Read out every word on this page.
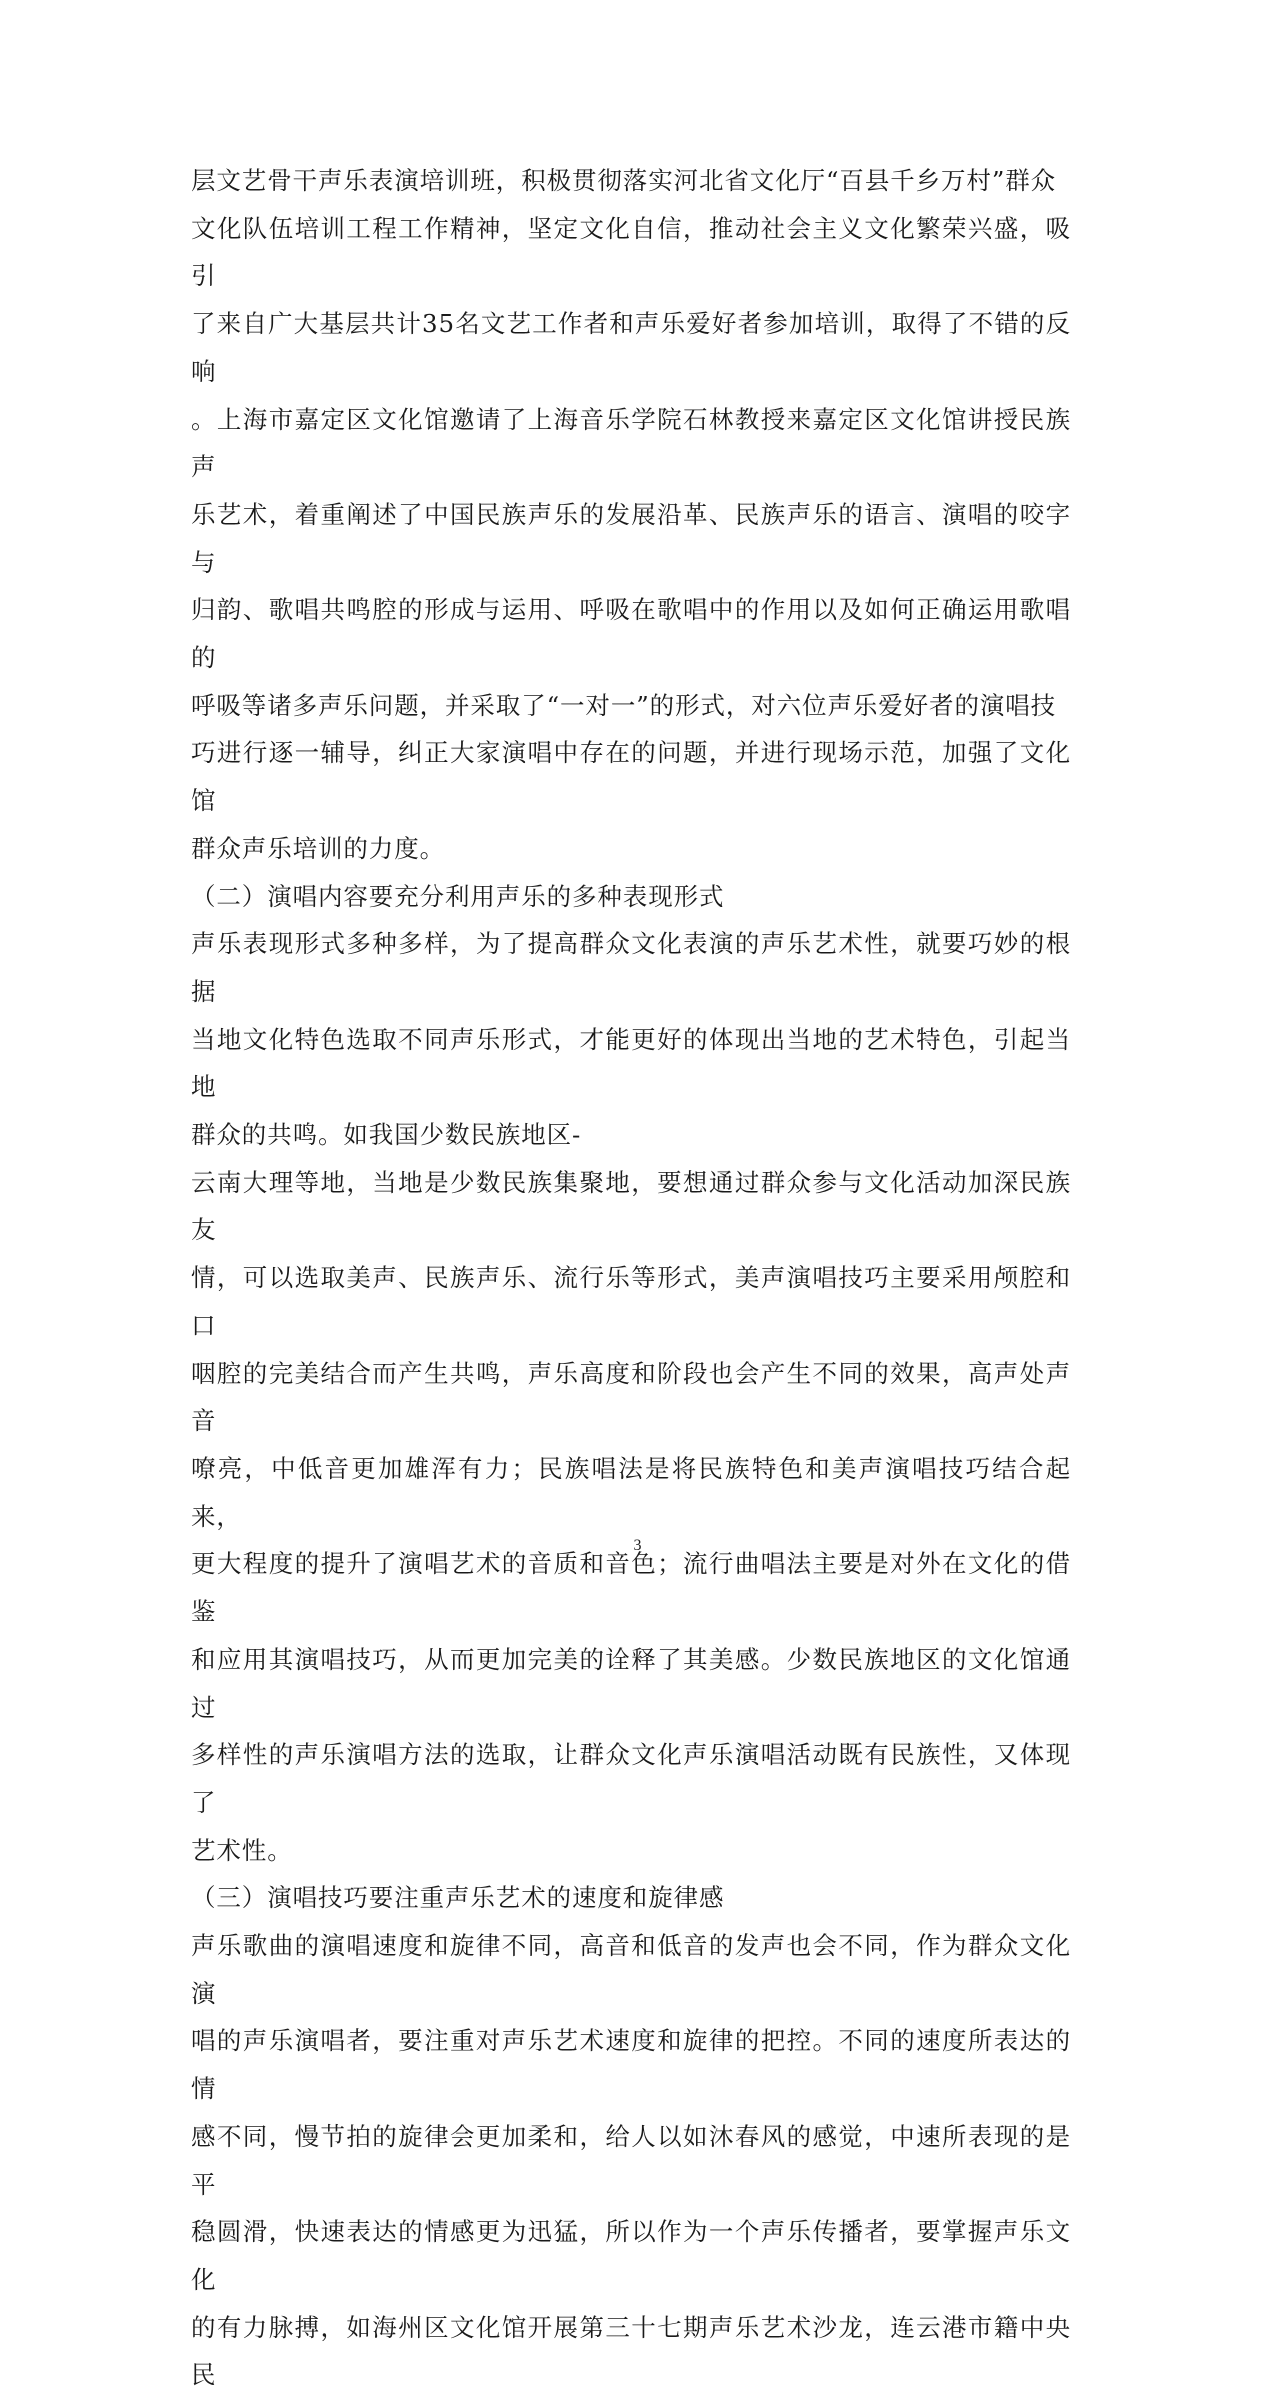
层文艺骨干声乐表演培训班，积极贯彻落实河北省文化厅“百县千乡万村”群众
文化队伍培训工程工作精神，坚定文化自信，推动社会主义文化繁荣兴盛，吸引
了来自广大基层共计35名文艺工作者和声乐爱好者参加培训，取得了不错的反响
。上海市嘉定区文化馆邀请了上海音乐学院石林教授来嘉定区文化馆讲授民族声
乐艺术，着重阐述了中国民族声乐的发展沿革、民族声乐的语言、演唱的咬字与
归韵、歌唱共鸣腔的形成与运用、呼吸在歌唱中的作用以及如何正确运用歌唱的
呼吸等诸多声乐问题，并采取了“一对一”的形式，对六位声乐爱好者的演唱技
巧进行逐一辅导，纠正大家演唱中存在的问题，并进行现场示范，加强了文化馆
群众声乐培训的力度。

（二）演唱内容要充分利用声乐的多种表现形式

声乐表现形式多种多样，为了提高群众文化表演的声乐艺术性，就要巧妙的根据
当地文化特色选取不同声乐形式，才能更好的体现出当地的艺术特色，引起当地
群众的共鸣。如我国少数民族地区-
云南大理等地，当地是少数民族集聚地，要想通过群众参与文化活动加深民族友
情，可以选取美声、民族声乐、流行乐等形式，美声演唱技巧主要采用颅腔和口
咽腔的完美结合而产生共鸣，声乐高度和阶段也会产生不同的效果，高声处声音
嘹亮，中低音更加雄浑有力；民族唱法是将民族特色和美声演唱技巧结合起来，
更大程度的提升了演唱艺术的音质和音色；流行曲唱法主要是对外在文化的借鉴
和应用其演唱技巧，从而更加完美的诠释了其美感。少数民族地区的文化馆通过
多样性的声乐演唱方法的选取，让群众文化声乐演唱活动既有民族性，又体现了
艺术性。

（三）演唱技巧要注重声乐艺术的速度和旋律感

声乐歌曲的演唱速度和旋律不同，高音和低音的发声也会不同，作为群众文化演
唱的声乐演唱者，要注重对声乐艺术速度和旋律的把控。不同的速度所表达的情
感不同，慢节拍的旋律会更加柔和，给人以如沐春风的感觉，中速所表现的是平
稳圆滑，快速表达的情感更为迅猛，所以作为一个声乐传播者，要掌握声乐文化
的有力脉搏，如海州区文化馆开展第三十七期声乐艺术沙龙，连云港市籍中央民

3
